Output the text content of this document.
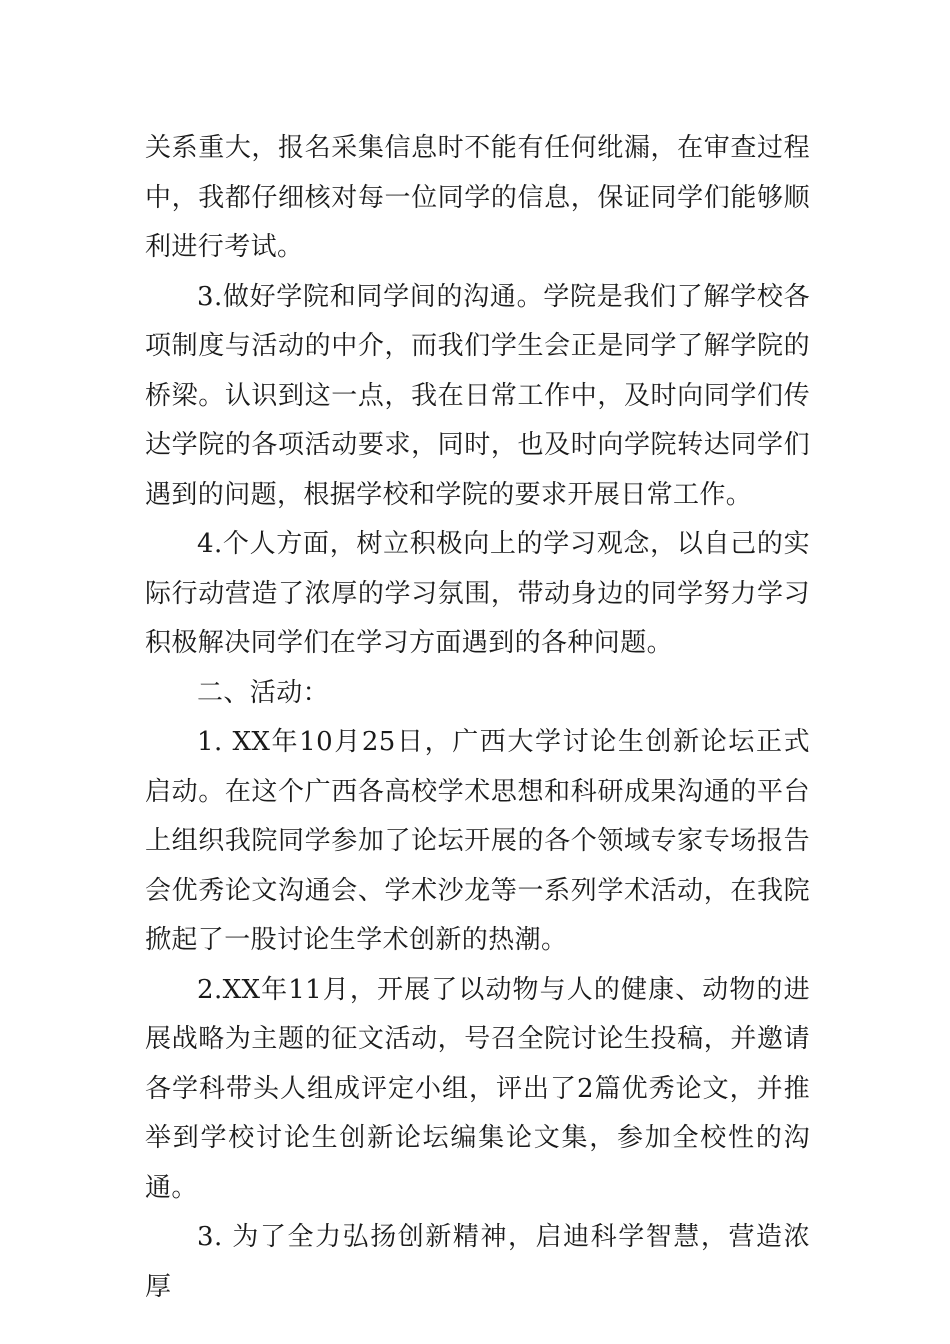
关系重大，报名采集信息时不能有任何纰漏，在审查过程中，我都仔细核对每一位同学的信息，保证同学们能够顺利进行考试。

3.做好学院和同学间的沟通。学院是我们了解学校各项制度与活动的中介，而我们学生会正是同学了解学院的桥梁。认识到这一点，我在日常工作中，及时向同学们传达学院的各项活动要求，同时，也及时向学院转达同学们遇到的问题，根据学校和学院的要求开展日常工作。

4.个人方面，树立积极向上的学习观念，以自己的实际行动营造了浓厚的学习氛围，带动身边的同学努力学习积极解决同学们在学习方面遇到的各种问题。

二、活动：

1. XX年10月25日，广西大学讨论生创新论坛正式启动。在这个广西各高校学术思想和科研成果沟通的平台上组织我院同学参加了论坛开展的各个领域专家专场报告会优秀论文沟通会、学术沙龙等一系列学术活动，在我院掀起了一股讨论生学术创新的热潮。

2.XX年11月，开展了以动物与人的健康、动物的进展战略为主题的征文活动，号召全院讨论生投稿，并邀请各学科带头人组成评定小组，评出了2篇优秀论文，并推举到学校讨论生创新论坛编集论文集，参加全校性的沟通。

3. 为了全力弘扬创新精神，启迪科学智慧，营造浓厚
